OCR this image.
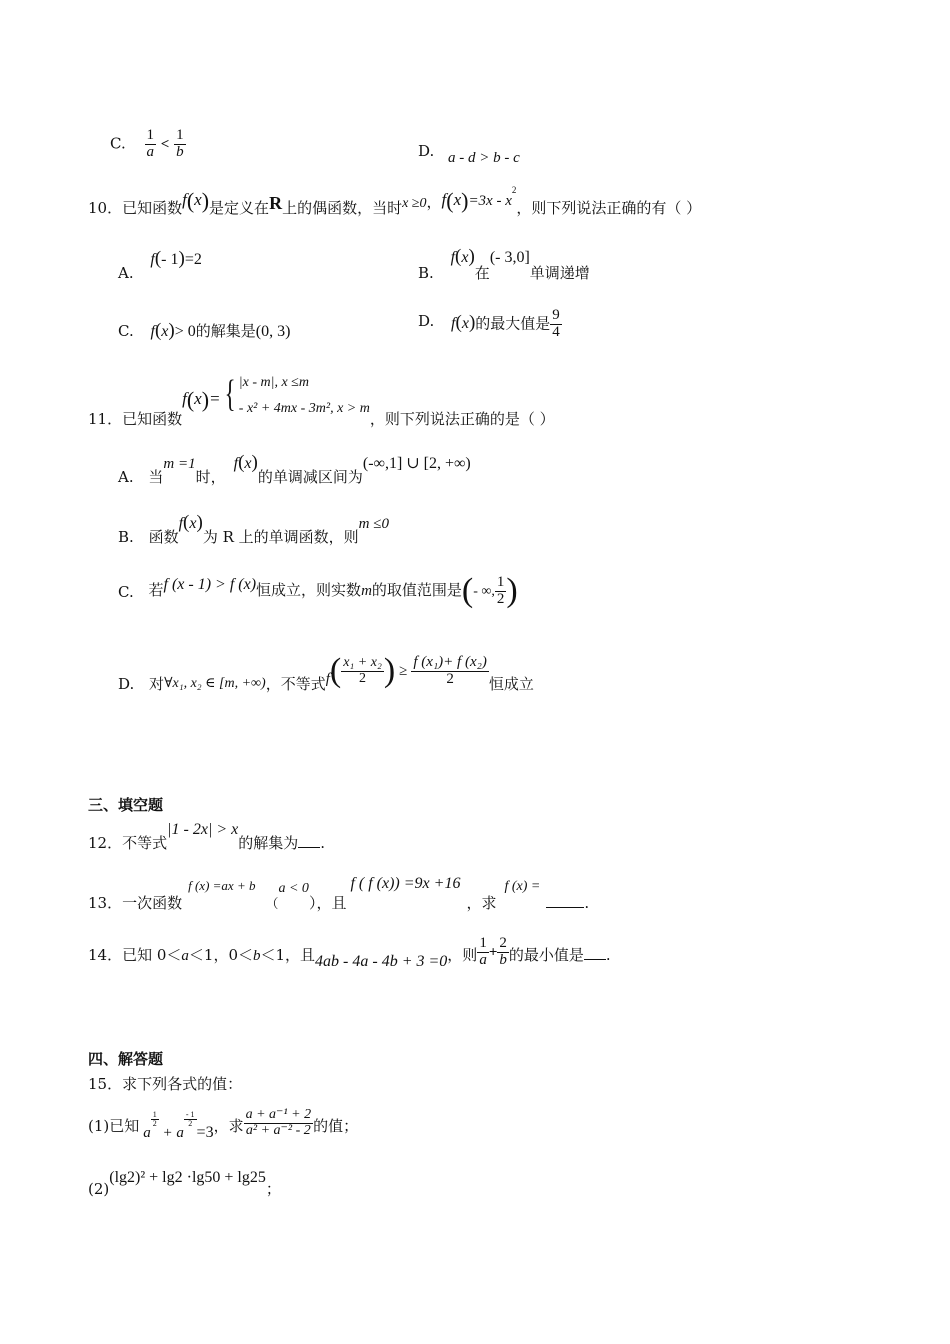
C. $\frac{1}{a} < \frac{1}{b}$	D. a - d > b - c
10．已知函数f(x)是定义在R上的偶函数，当时x ≥0，$f(x)=3x - x^2$，则下列说法正确的有（ ）
A. f(- 1)=2
B. f(x)在(- 3,0]单调递增
C. f(x)> 0的解集是(0, 3)
D. f(x)的最大值是 $\frac{9}{4}$
11．已知函数f(x)={ |x - m|, x ≤m
- x² + 4mx - 3m², x > m
，则下列说法正确的是（ ）
A. 当m =1时，f(x)的单调减区间为(-∞,1] ∪ [2, +∞)
B. 函数f(x)为 R 上的单调函数，则m ≤0
C. 若f (x - 1) > f (x)恒成立，则实数m的取值范围是(- ∞, $\frac{1}{2}$ )
D. 对∀x₁, x₂ ∈ [m, +∞)，不等式$f( \frac{\text{x₁ + x₂}}{2}$ ) ≥ $\frac{\text{f (x₁)+ f (x₂)}}{2}$ 恒成立
三、填空题
12．不等式|1 - 2x| > x的解集为 .
13．一次函数f (x) =ax + b（a < 0），且f ( f (x)) =9x +16，求f (x) =.
14．已知 0＜a＜1，0＜b＜1，且4ab - 4a - 4b + 3 =0，则 $\frac{1}{a} + \frac{2}{b}$ 的最小值是 .
四、解答题
15．求下列各式的值：
(1)已知 a
$\frac{1}{2}$
+ a
$\frac{- 1}{2}$
=3，求 $\frac{\text{a + a⁻¹ + 2}}{\text{a² + a⁻² - 2}}$ 的值；
(2)(lg2)² + lg2 ·lg50 + lg25；
